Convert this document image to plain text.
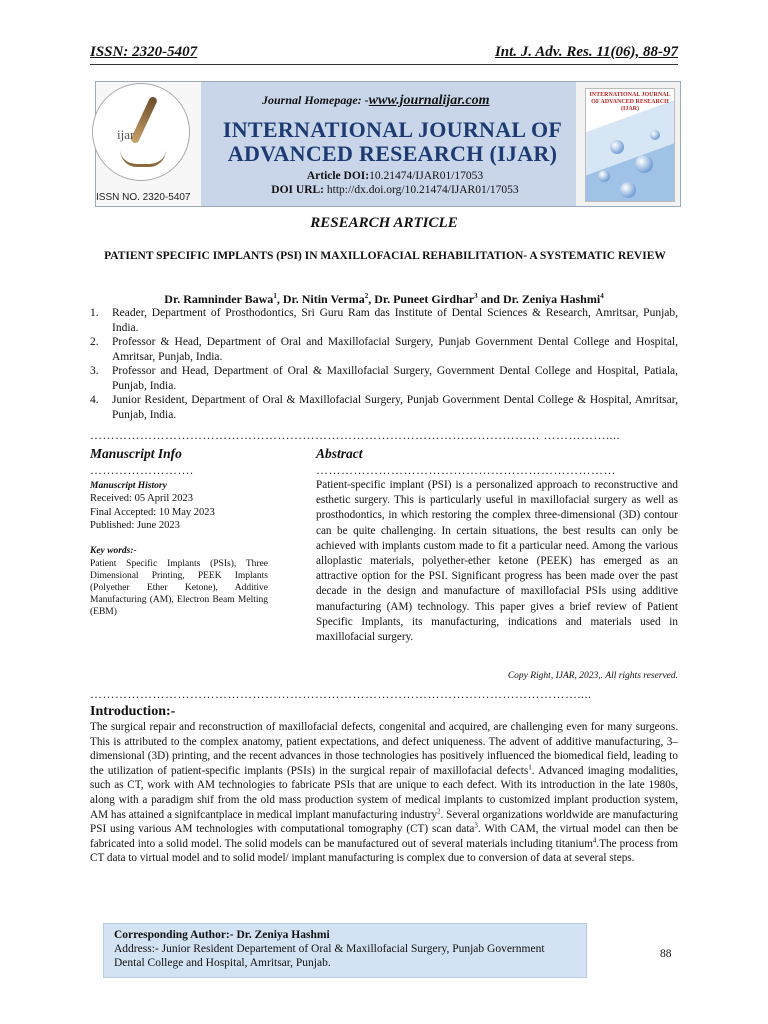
ISSN: 2320-5407	Int. J. Adv. Res. 11(06), 88-97
ijar
ISSN NO. 2320-5407
Journal Homepage: -www.journalijar.com
INTERNATIONAL JOURNAL OF
ADVANCED RESEARCH (IJAR)
Article DOI:10.21474/IJAR01/17053
DOI URL: http://dx.doi.org/10.21474/IJAR01/17053
INTERNATIONAL JOURNAL OF ADVANCED RESEARCH (IJAR)
RESEARCH ARTICLE
PATIENT SPECIFIC IMPLANTS (PSI) IN MAXILLOFACIAL REHABILITATION- A SYSTEMATIC REVIEW
Dr. Ramninder Bawa$^1$, Dr. Nitin Verma$^2$, Dr. Puneet Girdhar$^3$ and Dr. Zeniya Hashmi$^4$

1.	Reader, Department of Prosthodontics, Sri Guru Ram das Institute of Dental Sciences & Research, Amritsar, Punjab, India.

2.	Professor & Head, Department of Oral and Maxillofacial Surgery, Punjab Government Dental College and Hospital, Amritsar, Punjab, India.

3.	Professor and Head, Department of Oral & Maxillofacial Surgery, Government Dental College and Hospital, Patiala, Punjab, India.

4.	Junior Resident, Department of Oral & Maxillofacial Surgery, Punjab Government Dental College & Hospital, Amritsar, Punjab, India.

……………………………………………………………………………………………… ……………....
Manuscript Info	Abstract
…………………….	………………………………………………………………
Manuscript History
Received: 05 April 2023
Final Accepted: 10 May 2023
Published: June 2023
Key words:-
Patient Specific Implants (PSIs), Three Dimensional Printing, PEEK Implants (Polyether Ether Ketone), Additive Manufacturing (AM), Electron Beam Melting (EBM)
Patient-specific implant (PSI) is a personalized approach to reconstructive and esthetic surgery. This is particularly useful in maxillofacial surgery as well as prosthodontics, in which restoring the complex three-dimensional (3D) contour can be quite challenging. In certain situations, the best results can only be achieved with implants custom made to fit a particular need. Among the various alloplastic materials, polyether-ether ketone (PEEK) has emerged as an attractive option for the PSI. Significant progress has been made over the past decade in the design and manufacture of maxillofacial PSIs using additive manufacturing (AM) technology. This paper gives a brief review of Patient Specific Implants, its manufacturing, indications and materials used in maxillofacial surgery.
Copy Right, IJAR, 2023,. All rights reserved.
………………………………………………………………………………………………………....
Introduction:-
The surgical repair and reconstruction of maxillofacial defects, congenital and acquired, are challenging even for many surgeons. This is attributed to the complex anatomy, patient expectations, and defect uniqueness. The advent of additive manufacturing, 3–dimensional (3D) printing, and the recent advances in those technologies has positively influenced the biomedical field, leading to the utilization of patient-specific implants (PSIs) in the surgical repair of maxillofacial defects$^1$. Advanced imaging modalities, such as CT, work with AM technologies to fabricate PSIs that are unique to each defect. With its introduction in the late 1980s, along with a paradigm shif from the old mass production system of medical implants to customized implant production system, AM has attained a signifcantplace in medical implant manufacturing industry$^2$. Several organizations worldwide are manufacturing PSI using various AM technologies with computational tomography (CT) scan data$^3$. With CAM, the virtual model can then be fabricated into a solid model. The solid models can be manufactured out of several materials including titanium$^4$.The process from CT data to virtual model and to solid model/ implant manufacturing is complex due to conversion of data at several steps.
Corresponding Author:- Dr. Zeniya Hashmi
Address:- Junior Resident Departement of Oral & Maxillofacial Surgery, Punjab Government Dental College and Hospital, Amritsar, Punjab.
88
